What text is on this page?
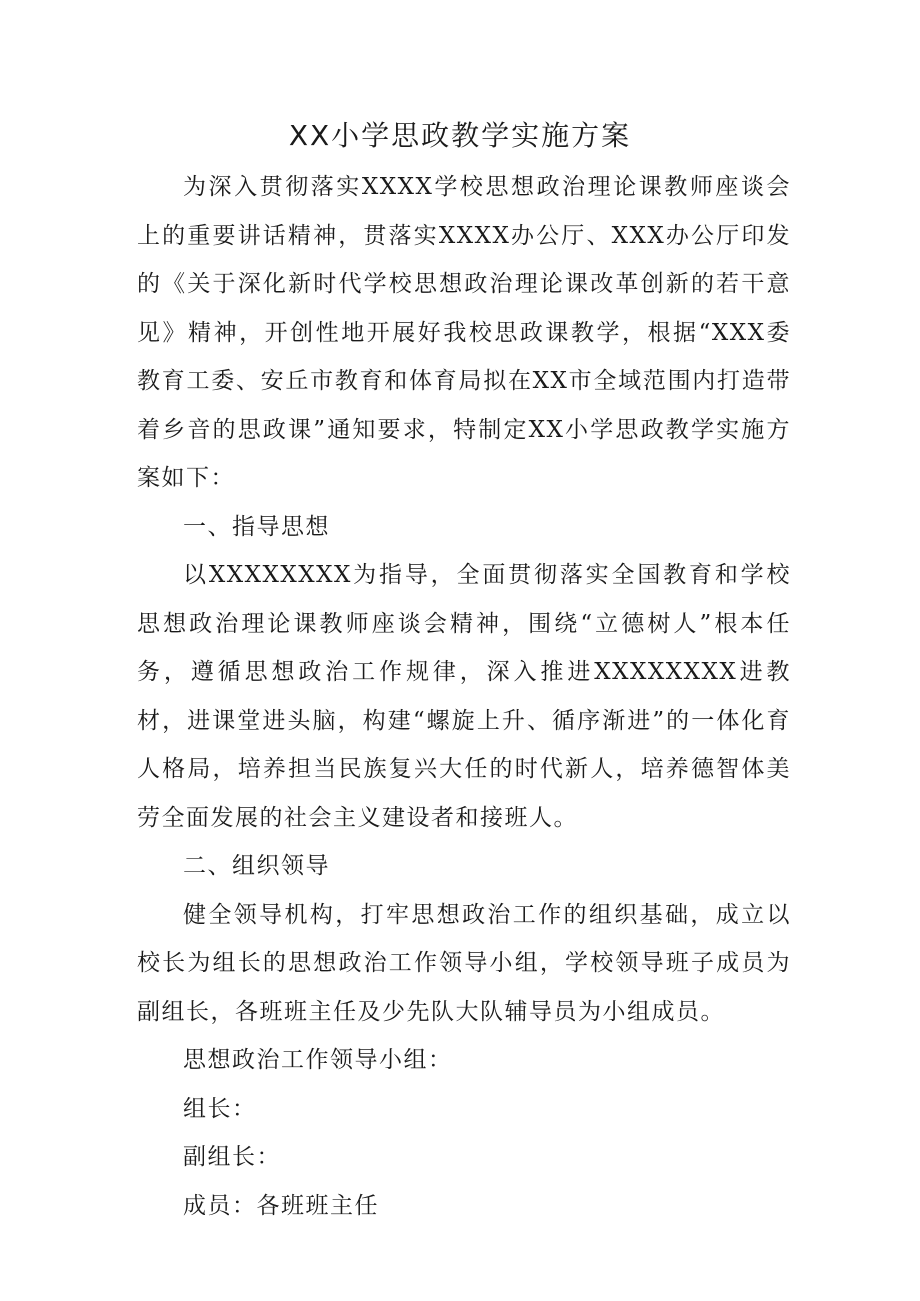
XX小学思政教学实施方案

为深入贯彻落实XXXX学校思想政治理论课教师座谈会上的重要讲话精神，贯落实XXXX办公厅、XXX办公厅印发的《关于深化新时代学校思想政治理论课改革创新的若干意见》精神，开创性地开展好我校思政课教学，根据“XXX委教育工委、安丘市教育和体育局拟在XX市全域范围内打造带着乡音的思政课”通知要求，特制定XX小学思政教学实施方案如下：

一、指导思想

以XXXXXXXX为指导，全面贯彻落实全国教育和学校思想政治理论课教师座谈会精神，围绕“立德树人”根本任务，遵循思想政治工作规律，深入推进XXXXXXXX进教材，进课堂进头脑，构建“螺旋上升、循序渐进”的一体化育人格局，培养担当民族复兴大任的时代新人，培养德智体美劳全面发展的社会主义建设者和接班人。

二、组织领导

健全领导机构，打牢思想政治工作的组织基础，成立以校长为组长的思想政治工作领导小组，学校领导班子成员为副组长，各班班主任及少先队大队辅导员为小组成员。

思想政治工作领导小组：

组长：

副组长：

成员：各班班主任
